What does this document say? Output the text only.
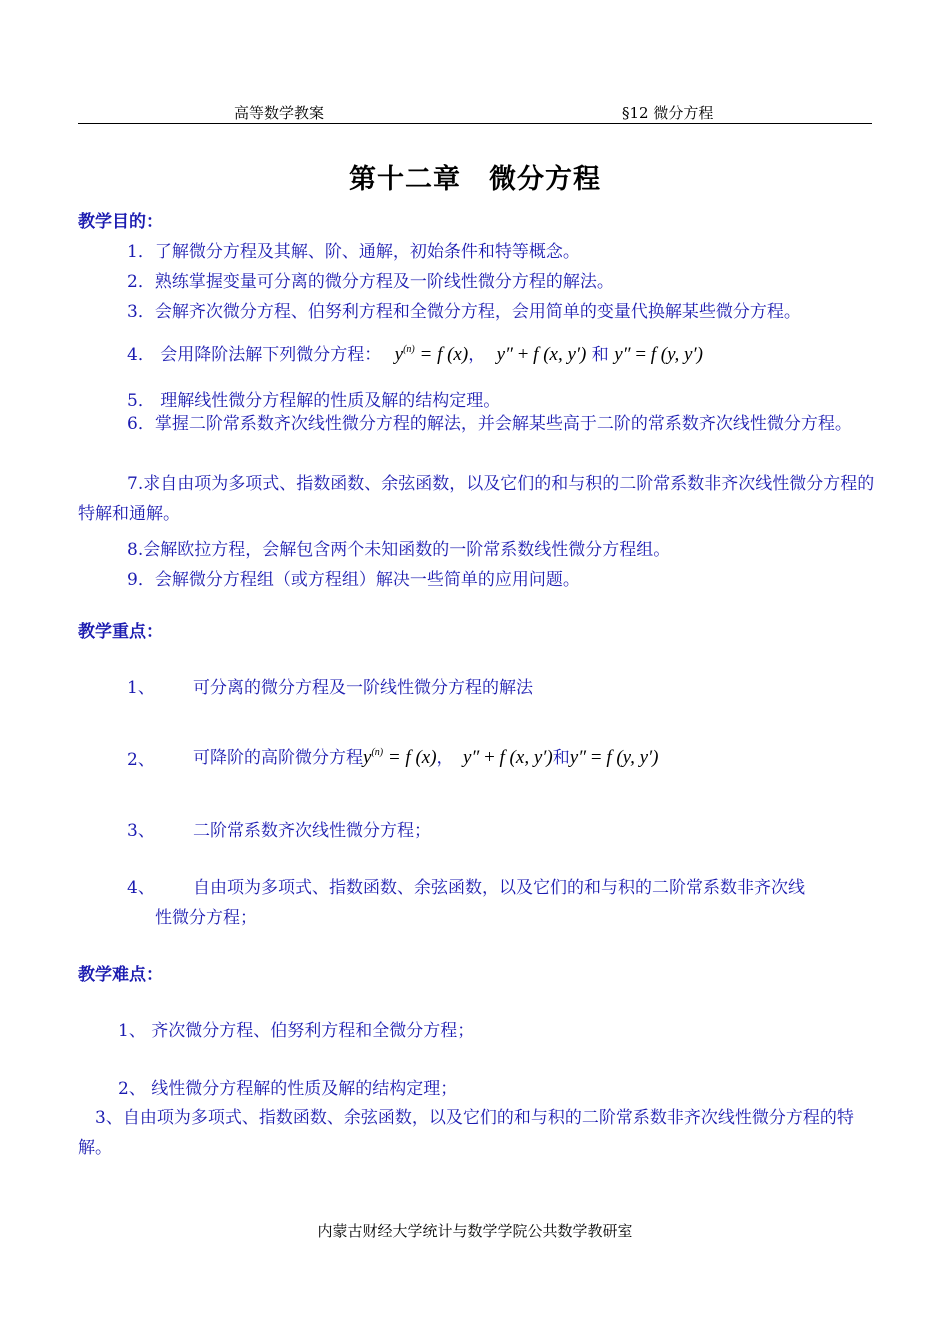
高等数学教案	§12 微分方程
第十二章　微分方程
教学目的：
1．了解微分方程及其解、阶、通解，初始条件和特等概念。
2．熟练掌握变量可分离的微分方程及一阶线性微分方程的解法。
3．会解齐次微分方程、伯努利方程和全微分方程，会用简单的变量代换解某些微分方程。
4． 会用降阶法解下列微分方程： $y^{(n)} = f$ (x)， y″ + f (x, y′) 和 y″ = f (y, y′)
5． 理解线性微分方程解的性质及解的结构定理。
6．掌握二阶常系数齐次线性微分方程的解法，并会解某些高于二阶的常系数齐次线性微分方程。
7.求自由项为多项式、指数函数、余弦函数，以及它们的和与积的二阶常系数非齐次线性微分方程的特解和通解。
8.会解欧拉方程，会解包含两个未知函数的一阶常系数线性微分方程组。
9．会解微分方程组（或方程组）解决一些简单的应用问题。
教学重点：
1、 可分离的微分方程及一阶线性微分方程的解法
2、 可降阶的高阶微分方程$y^{(n)} = f$ (x)， y″ + f (x, y′)和y″ = f (y, y′)
3、 二阶常系数齐次线性微分方程；
4、 自由项为多项式、指数函数、余弦函数，以及它们的和与积的二阶常系数非齐次线
性微分方程；
教学难点：
1、 齐次微分方程、伯努利方程和全微分方程；
2、 线性微分方程解的性质及解的结构定理；
3、自由项为多项式、指数函数、余弦函数，以及它们的和与积的二阶常系数非齐次线性微分方程的特解。
内蒙古财经大学统计与数学学院公共数学教研室
